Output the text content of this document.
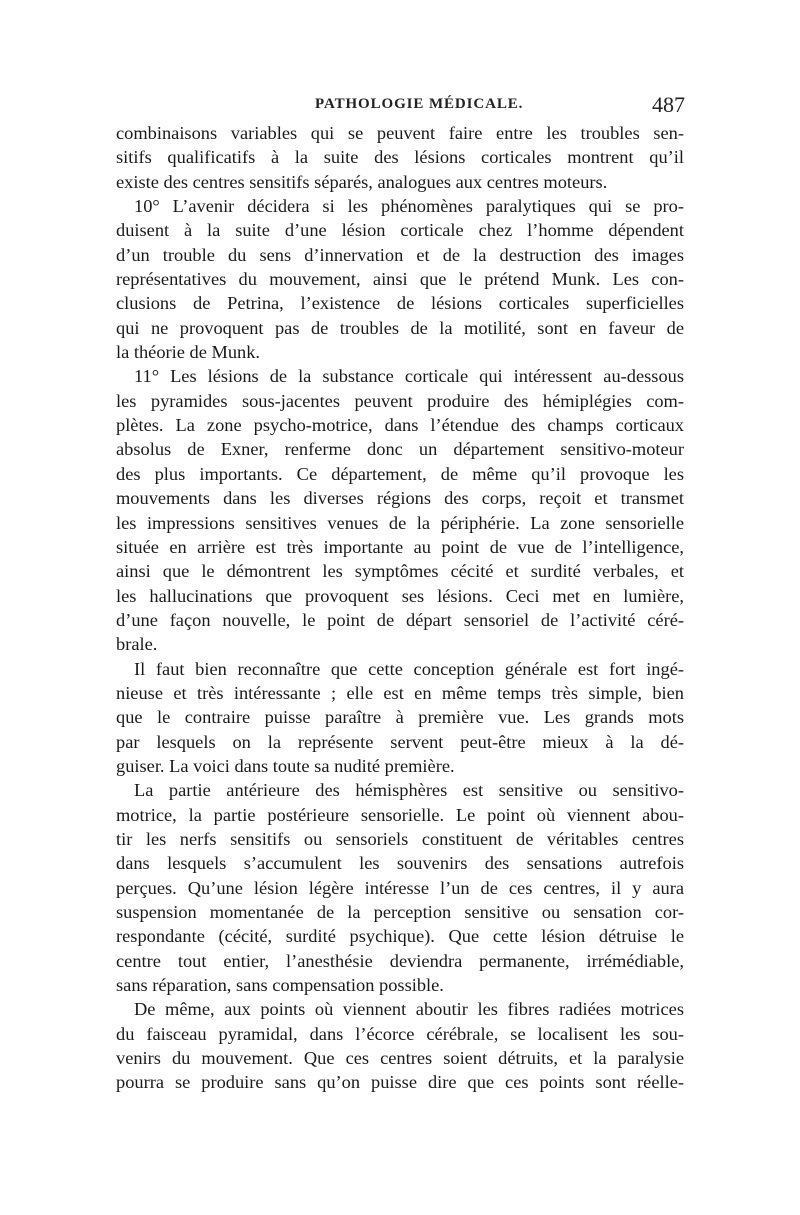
PATHOLOGIE MÉDICALE.	487
combinaisons variables qui se peuvent faire entre les troubles sen-
sitifs qualificatifs à la suite des lésions corticales montrent qu’il
existe des centres sensitifs séparés, analogues aux centres moteurs.
10° L’avenir décidera si les phénomènes paralytiques qui se pro-
duisent à la suite d’une lésion corticale chez l’homme dépendent
d’un trouble du sens d’innervation et de la destruction des images
représentatives du mouvement, ainsi que le prétend Munk. Les con-
clusions de Petrina, l’existence de lésions corticales superficielles
qui ne provoquent pas de troubles de la motilité, sont en faveur de
la théorie de Munk.
11° Les lésions de la substance corticale qui intéressent au-dessous
les pyramides sous-jacentes peuvent produire des hémiplégies com-
plètes. La zone psycho-motrice, dans l’étendue des champs corticaux
absolus de Exner, renferme donc un département sensitivo-moteur
des plus importants. Ce département, de même qu’il provoque les
mouvements dans les diverses régions des corps, reçoit et transmet
les impressions sensitives venues de la périphérie. La zone sensorielle
située en arrière est très importante au point de vue de l’intelligence,
ainsi que le démontrent les symptômes cécité et surdité verbales, et
les hallucinations que provoquent ses lésions. Ceci met en lumière,
d’une façon nouvelle, le point de départ sensoriel de l’activité céré-
brale.
Il faut bien reconnaître que cette conception générale est fort ingé-
nieuse et très intéressante ; elle est en même temps très simple, bien
que le contraire puisse paraître à première vue. Les grands mots
par lesquels on la représente servent peut-être mieux à la dé-
guiser. La voici dans toute sa nudité première.
La partie antérieure des hémisphères est sensitive ou sensitivo-
motrice, la partie postérieure sensorielle. Le point où viennent abou-
tir les nerfs sensitifs ou sensoriels constituent de véritables centres
dans lesquels s’accumulent les souvenirs des sensations autrefois
perçues. Qu’une lésion légère intéresse l’un de ces centres, il y aura
suspension momentanée de la perception sensitive ou sensation cor-
respondante (cécité, surdité psychique). Que cette lésion détruise le
centre tout entier, l’anesthésie deviendra permanente, irrémédiable,
sans réparation, sans compensation possible.
De même, aux points où viennent aboutir les fibres radiées motrices
du faisceau pyramidal, dans l’écorce cérébrale, se localisent les sou-
venirs du mouvement. Que ces centres soient détruits, et la paralysie
pourra se produire sans qu’on puisse dire que ces points sont réelle-
